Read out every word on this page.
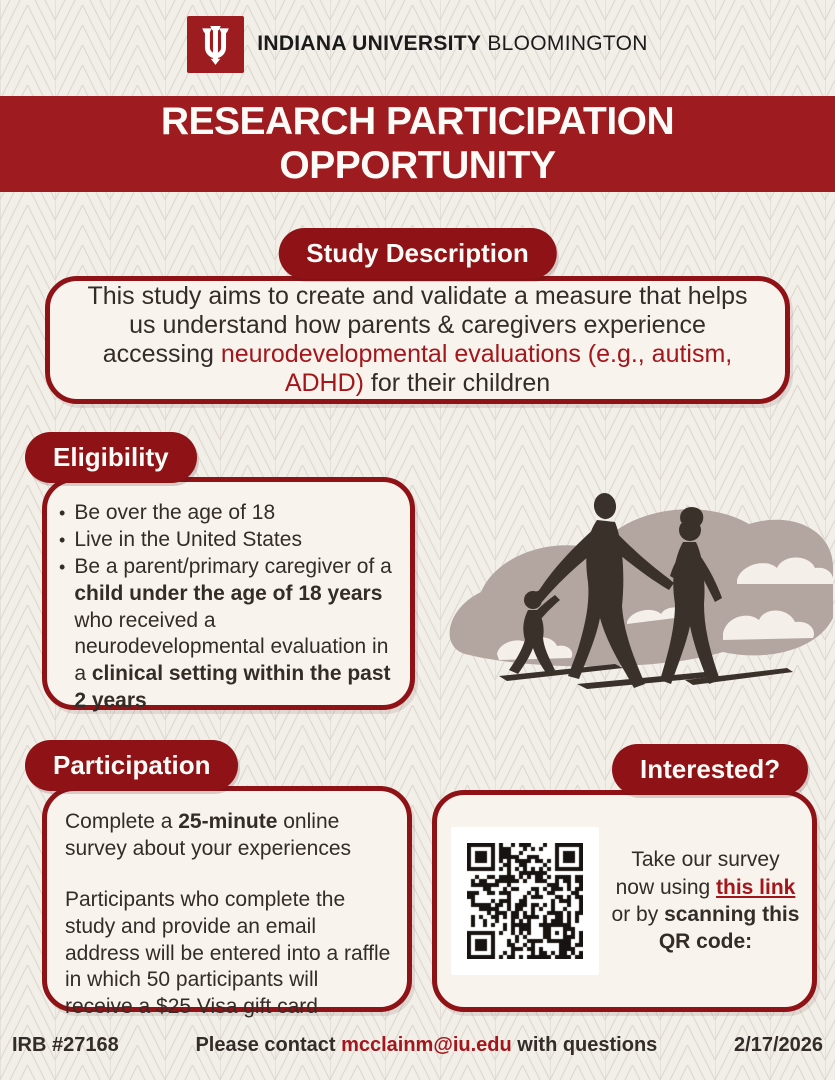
INDIANA UNIVERSITY BLOOMINGTON
RESEARCH PARTICIPATION
OPPORTUNITY
Study Description
This study aims to create and validate a measure that helps us understand how parents & caregivers experience accessing neurodevelopmental evaluations (e.g., autism, ADHD) for their children
Eligibility
• Be over the age of 18
• Live in the United States
• Be a parent/primary caregiver of a child under the age of 18 years who received a neurodevelopmental evaluation in a clinical setting within the past 2 years
Participation

Complete a 25-minute online survey about your experiences

Participants who complete the study and provide an email address will be entered into a raffle in which 50 participants will receive a $25 Visa gift card

Interested?
Take our survey now using this link or by scanning this QR code:
IRB #27168	Please contact mcclainm@iu.edu with questions	2/17/2026
